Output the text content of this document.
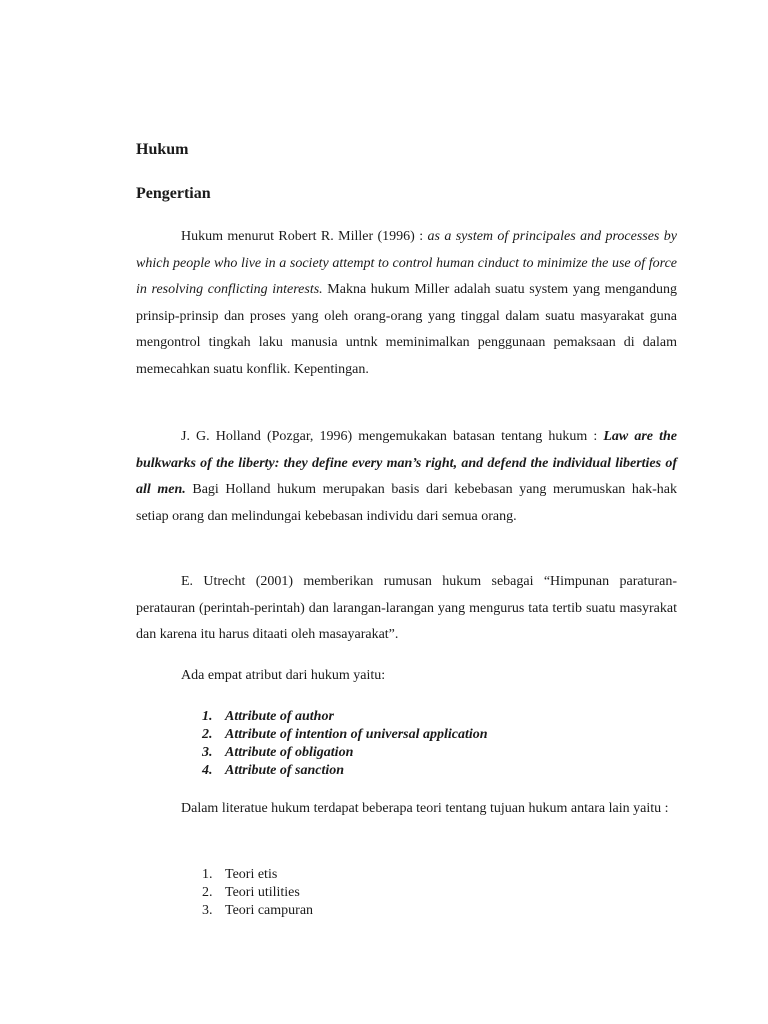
Hukum
Pengertian
Hukum menurut Robert R. Miller (1996) : as a system of principales and processes by which people who live in a society attempt to control human cinduct to minimize the use of force in resolving conflicting interests. Makna hukum Miller adalah suatu system yang mengandung prinsip-prinsip dan proses yang oleh orang-orang yang tinggal dalam suatu masyarakat guna mengontrol tingkah laku manusia untnk meminimalkan penggunaan pemaksaan di dalam memecahkan suatu konflik. Kepentingan.
J. G. Holland (Pozgar, 1996) mengemukakan batasan tentang hukum : Law are the bulkwarks of the liberty: they define every man’s right, and defend the individual liberties of all men. Bagi Holland hukum merupakan basis dari kebebasan yang merumuskan hak-hak setiap orang dan melindungai kebebasan individu dari semua orang.
E. Utrecht (2001) memberikan rumusan hukum sebagai “Himpunan paraturan-peratauran (perintah-perintah) dan larangan-larangan yang mengurus tata tertib suatu masyrakat dan karena itu harus ditaati oleh masayarakat”.
Ada empat atribut dari hukum yaitu:
1. Attribute of author
2. Attribute of intention of universal application
3. Attribute of obligation
4. Attribute of sanction
Dalam literatue hukum terdapat beberapa teori tentang tujuan hukum antara lain yaitu :
1. Teori etis
2. Teori utilities
3. Teori campuran
